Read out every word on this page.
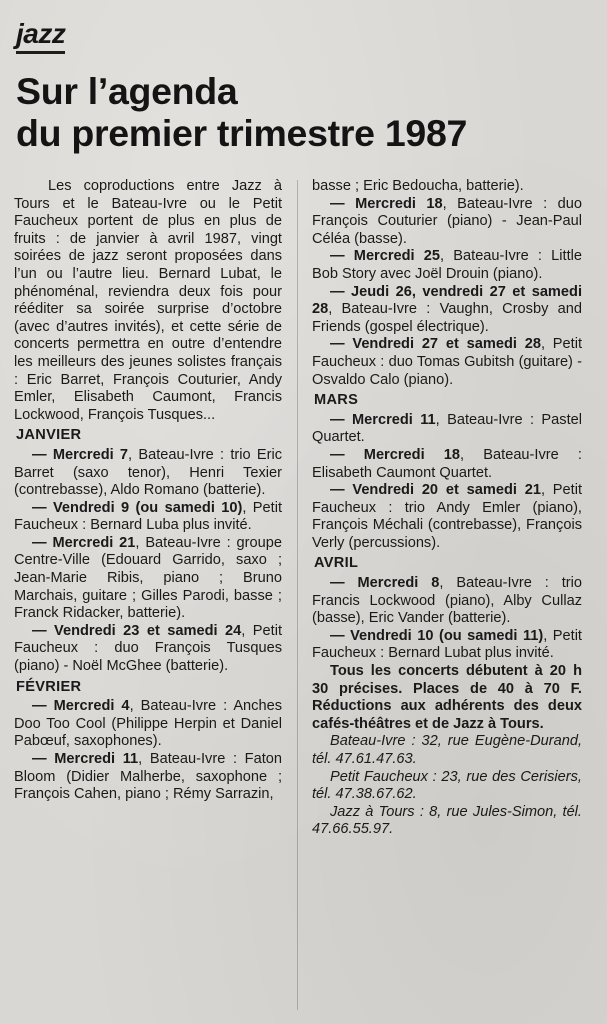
jazz
Sur l’agenda
du premier trimestre 1987

Les coproductions entre Jazz à Tours et le Bateau-Ivre ou le Petit Faucheux portent de plus en plus de fruits : de janvier à avril 1987, vingt soirées de jazz seront proposées dans l’un ou l’autre lieu. Bernard Lubat, le phénoménal, reviendra deux fois pour rééditer sa soirée surprise d’octobre (avec d’autres invités), et cette série de concerts permettra en outre d’entendre les meilleurs des jeunes solistes français : Eric Barret, François Couturier, Andy Emler, Elisabeth Caumont, Francis Lockwood, François Tusques...

JANVIER

— Mercredi 7, Bateau-Ivre : trio Eric Barret (saxo tenor), Henri Texier (contrebasse), Aldo Romano (batterie).

— Vendredi 9 (ou samedi 10), Petit Faucheux : Bernard Luba plus invité.

— Mercredi 21, Bateau-Ivre : groupe Centre-Ville (Edouard Garrido, saxo ; Jean-Marie Ribis, piano ; Bruno Marchais, guitare ; Gilles Parodi, basse ; Franck Ridacker, batterie).

— Vendredi 23 et samedi 24, Petit Faucheux : duo François Tusques (piano) - Noël McGhee (batterie).

FÉVRIER

— Mercredi 4, Bateau-Ivre : Anches Doo Too Cool (Philippe Herpin et Daniel Pabœuf, saxophones).

— Mercredi 11, Bateau-Ivre : Faton Bloom (Didier Malherbe, saxophone ; François Cahen, piano ; Rémy Sarrazin,

basse ; Eric Bedoucha, batterie).

— Mercredi 18, Bateau-Ivre : duo François Couturier (piano) - Jean-Paul Céléa (basse).

— Mercredi 25, Bateau-Ivre : Little Bob Story avec Joël Drouin (piano).

— Jeudi 26, vendredi 27 et samedi 28, Bateau-Ivre : Vaughn, Crosby and Friends (gospel électrique).

— Vendredi 27 et samedi 28, Petit Faucheux : duo Tomas Gubitsh (guitare) - Osvaldo Calo (piano).

MARS

— Mercredi 11, Bateau-Ivre : Pastel Quartet.

— Mercredi 18, Bateau-Ivre : Elisabeth Caumont Quartet.

— Vendredi 20 et samedi 21, Petit Faucheux : trio Andy Emler (piano), François Méchali (contrebasse), François Verly (percussions).

AVRIL

— Mercredi 8, Bateau-Ivre : trio Francis Lockwood (piano), Alby Cullaz (basse), Eric Vander (batterie).

— Vendredi 10 (ou samedi 11), Petit Faucheux : Bernard Lubat plus invité.

Tous les concerts débutent à 20 h 30 précises. Places de 40 à 70 F. Réductions aux adhérents des deux cafés-théâtres et de Jazz à Tours.

Bateau-Ivre : 32, rue Eugène-Durand, tél. 47.61.47.63.

Petit Faucheux : 23, rue des Cerisiers, tél. 47.38.67.62.

Jazz à Tours : 8, rue Jules-Simon, tél. 47.66.55.97.
